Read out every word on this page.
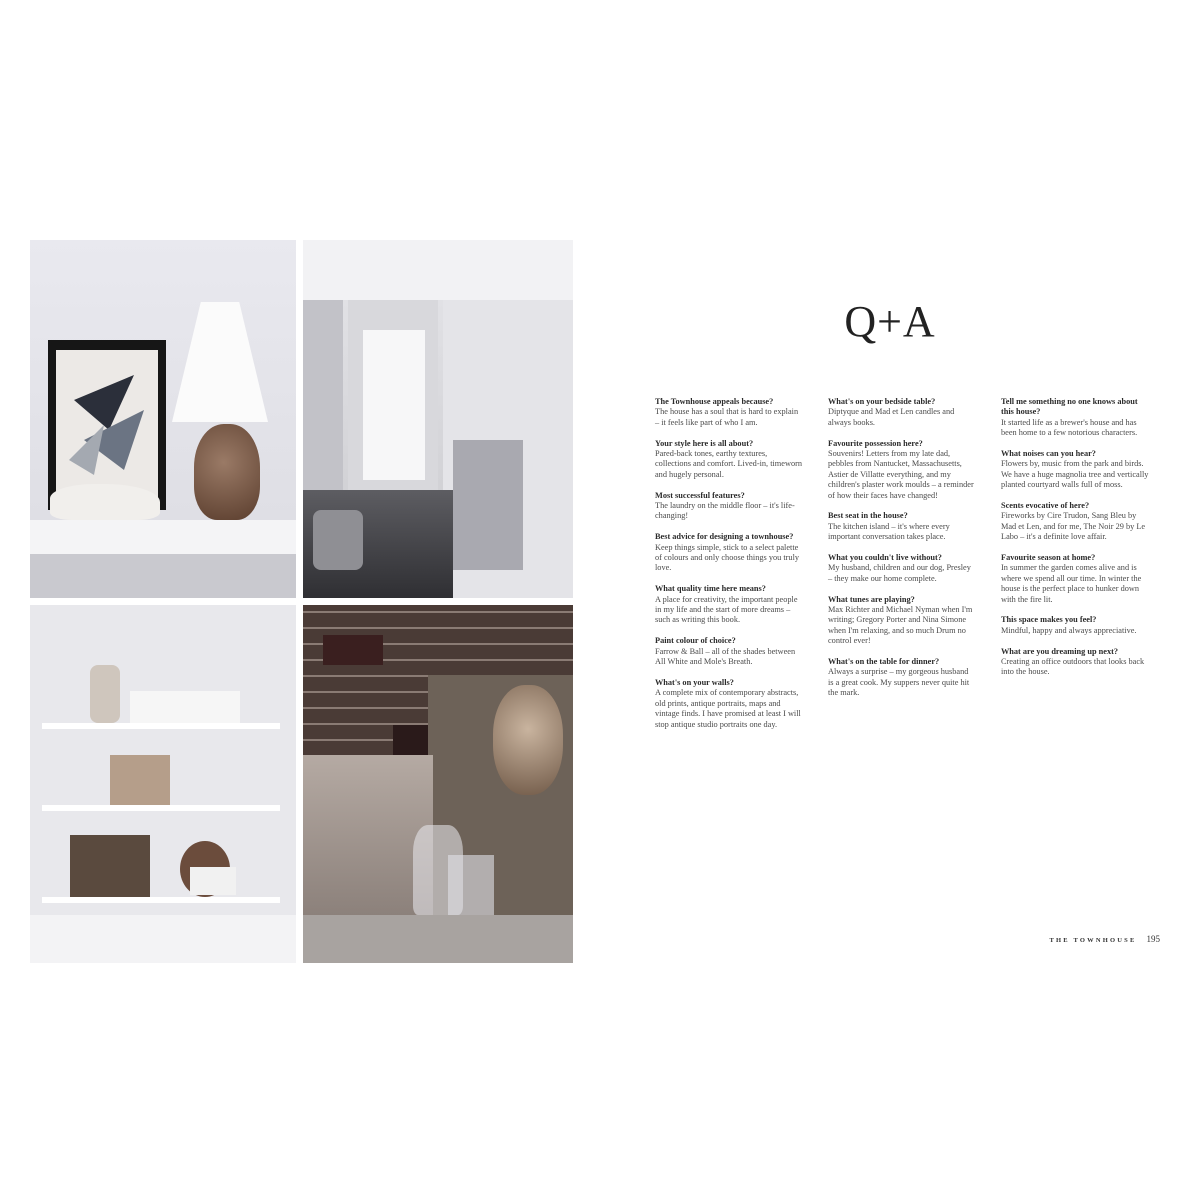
Q+A
The Townhouse appeals because?
The house has a soul that is hard to explain – it feels like part of who I am.
Your style here is all about?
Pared-back tones, earthy textures, collections and comfort. Lived-in, timeworn and hugely personal.
Most successful features?
The laundry on the middle floor – it's life-changing!
Best advice for designing a townhouse?
Keep things simple, stick to a select palette of colours and only choose things you truly love.
What quality time here means?
A place for creativity, the important people in my life and the start of more dreams – such as writing this book.
Paint colour of choice?
Farrow & Ball – all of the shades between All White and Mole's Breath.
What's on your walls?
A complete mix of contemporary abstracts, old prints, antique portraits, maps and vintage finds. I have promised at least I will stop antique studio portraits one day.
What's on your bedside table?
Diptyque and Mad et Len candles and always books.
Favourite possession here?
Souvenirs! Letters from my late dad, pebbles from Nantucket, Massachusetts, Astier de Villatte everything, and my children's plaster work moulds – a reminder of how their faces have changed!
Best seat in the house?
The kitchen island – it's where every important conversation takes place.
What you couldn't live without?
My husband, children and our dog, Presley – they make our home complete.
What tunes are playing?
Max Richter and Michael Nyman when I'm writing; Gregory Porter and Nina Simone when I'm relaxing, and so much Drum no control ever!
What's on the table for dinner?
Always a surprise – my gorgeous husband is a great cook. My suppers never quite hit the mark.
Tell me something no one knows about this house?
It started life as a brewer's house and has been home to a few notorious characters.
What noises can you hear?
Flowers by, music from the park and birds. We have a huge magnolia tree and vertically planted courtyard walls full of moss.
Scents evocative of here?
Fireworks by Cire Trudon, Sang Bleu by Mad et Len, and for me, The Noir 29 by Le Labo – it's a definite love affair.
Favourite season at home?
In summer the garden comes alive and is where we spend all our time. In winter the house is the perfect place to hunker down with the fire lit.
This space makes you feel?
Mindful, happy and always appreciative.
What are you dreaming up next?
Creating an office outdoors that looks back into the house.
THE TOWNHOUSE 195
